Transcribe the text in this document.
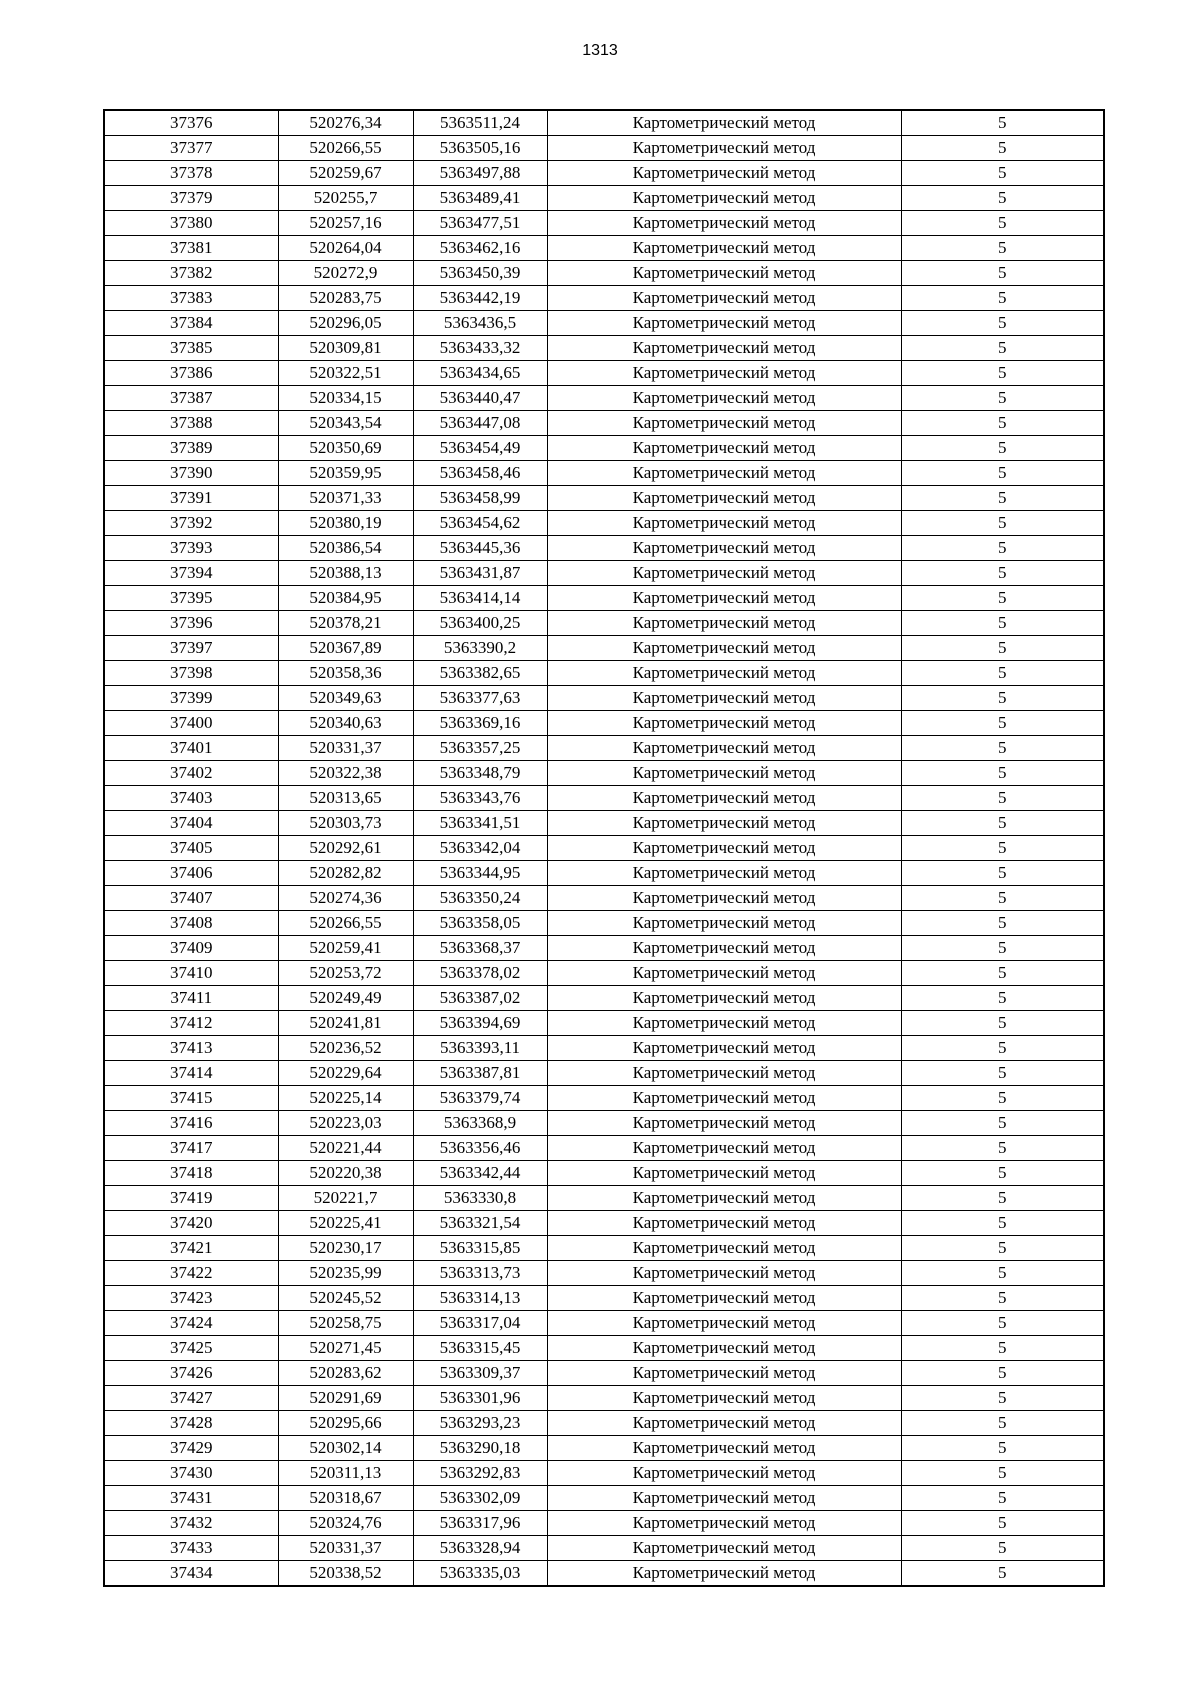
1313
37376	520276,34	5363511,24	Картометрический метод	5
37377	520266,55	5363505,16	Картометрический метод	5
37378	520259,67	5363497,88	Картометрический метод	5
37379	520255,7	5363489,41	Картометрический метод	5
37380	520257,16	5363477,51	Картометрический метод	5
37381	520264,04	5363462,16	Картометрический метод	5
37382	520272,9	5363450,39	Картометрический метод	5
37383	520283,75	5363442,19	Картометрический метод	5
37384	520296,05	5363436,5	Картометрический метод	5
37385	520309,81	5363433,32	Картометрический метод	5
37386	520322,51	5363434,65	Картометрический метод	5
37387	520334,15	5363440,47	Картометрический метод	5
37388	520343,54	5363447,08	Картометрический метод	5
37389	520350,69	5363454,49	Картометрический метод	5
37390	520359,95	5363458,46	Картометрический метод	5
37391	520371,33	5363458,99	Картометрический метод	5
37392	520380,19	5363454,62	Картометрический метод	5
37393	520386,54	5363445,36	Картометрический метод	5
37394	520388,13	5363431,87	Картометрический метод	5
37395	520384,95	5363414,14	Картометрический метод	5
37396	520378,21	5363400,25	Картометрический метод	5
37397	520367,89	5363390,2	Картометрический метод	5
37398	520358,36	5363382,65	Картометрический метод	5
37399	520349,63	5363377,63	Картометрический метод	5
37400	520340,63	5363369,16	Картометрический метод	5
37401	520331,37	5363357,25	Картометрический метод	5
37402	520322,38	5363348,79	Картометрический метод	5
37403	520313,65	5363343,76	Картометрический метод	5
37404	520303,73	5363341,51	Картометрический метод	5
37405	520292,61	5363342,04	Картометрический метод	5
37406	520282,82	5363344,95	Картометрический метод	5
37407	520274,36	5363350,24	Картометрический метод	5
37408	520266,55	5363358,05	Картометрический метод	5
37409	520259,41	5363368,37	Картометрический метод	5
37410	520253,72	5363378,02	Картометрический метод	5
37411	520249,49	5363387,02	Картометрический метод	5
37412	520241,81	5363394,69	Картометрический метод	5
37413	520236,52	5363393,11	Картометрический метод	5
37414	520229,64	5363387,81	Картометрический метод	5
37415	520225,14	5363379,74	Картометрический метод	5
37416	520223,03	5363368,9	Картометрический метод	5
37417	520221,44	5363356,46	Картометрический метод	5
37418	520220,38	5363342,44	Картометрический метод	5
37419	520221,7	5363330,8	Картометрический метод	5
37420	520225,41	5363321,54	Картометрический метод	5
37421	520230,17	5363315,85	Картометрический метод	5
37422	520235,99	5363313,73	Картометрический метод	5
37423	520245,52	5363314,13	Картометрический метод	5
37424	520258,75	5363317,04	Картометрический метод	5
37425	520271,45	5363315,45	Картометрический метод	5
37426	520283,62	5363309,37	Картометрический метод	5
37427	520291,69	5363301,96	Картометрический метод	5
37428	520295,66	5363293,23	Картометрический метод	5
37429	520302,14	5363290,18	Картометрический метод	5
37430	520311,13	5363292,83	Картометрический метод	5
37431	520318,67	5363302,09	Картометрический метод	5
37432	520324,76	5363317,96	Картометрический метод	5
37433	520331,37	5363328,94	Картометрический метод	5
37434	520338,52	5363335,03	Картометрический метод	5
